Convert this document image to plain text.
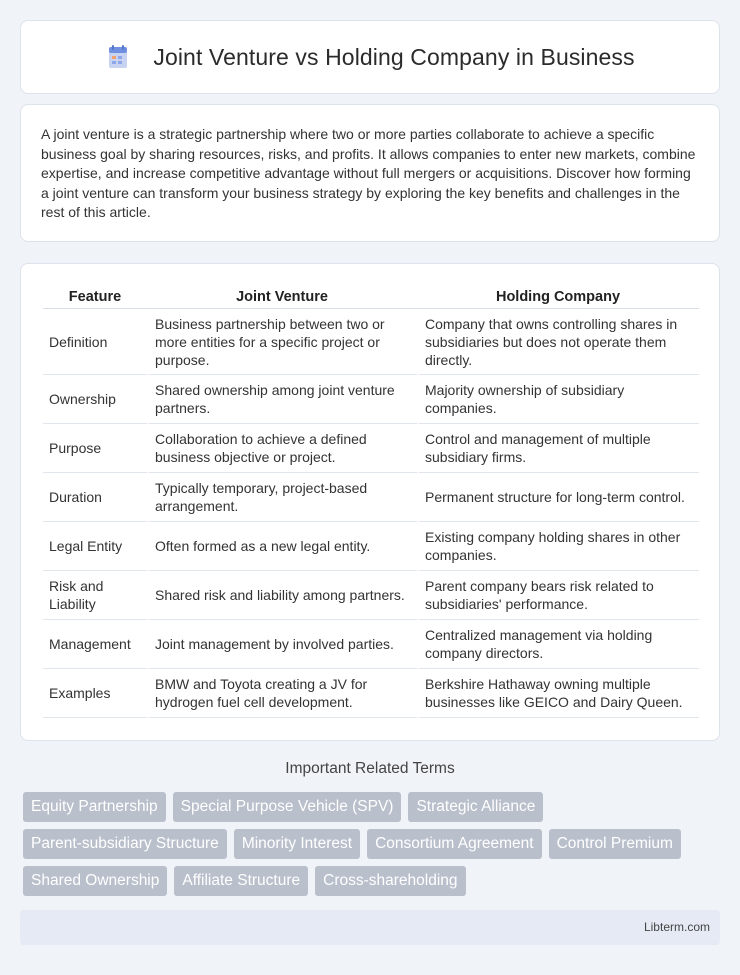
Joint Venture vs Holding Company in Business

A joint venture is a strategic partnership where two or more parties collaborate to achieve a specific business goal by sharing resources, risks, and profits. It allows companies to enter new markets, combine expertise, and increase competitive advantage without full mergers or acquisitions. Discover how forming a joint venture can transform your business strategy by exploring the key benefits and challenges in the rest of this article.

Feature	Joint Venture	Holding Company
Definition	Business partnership between two or more entities for a specific project or purpose.	Company that owns controlling shares in subsidiaries but does not operate them directly.
Ownership	Shared ownership among joint venture partners.	Majority ownership of subsidiary companies.
Purpose	Collaboration to achieve a defined business objective or project.	Control and management of multiple subsidiary firms.
Duration	Typically temporary, project-based arrangement.	Permanent structure for long-term control.
Legal Entity	Often formed as a new legal entity.	Existing company holding shares in other companies.
Risk and Liability	Shared risk and liability among partners.	Parent company bears risk related to subsidiaries' performance.
Management	Joint management by involved parties.	Centralized management via holding company directors.
Examples	BMW and Toyota creating a JV for hydrogen fuel cell development.	Berkshire Hathaway owning multiple businesses like GEICO and Dairy Queen.
Important Related Terms
Equity Partnership	Special Purpose Vehicle (SPV)	Strategic Alliance
Parent-subsidiary Structure	Minority Interest	Consortium Agreement	Control Premium
Shared Ownership	Affiliate Structure	Cross-shareholding
Libterm.com
